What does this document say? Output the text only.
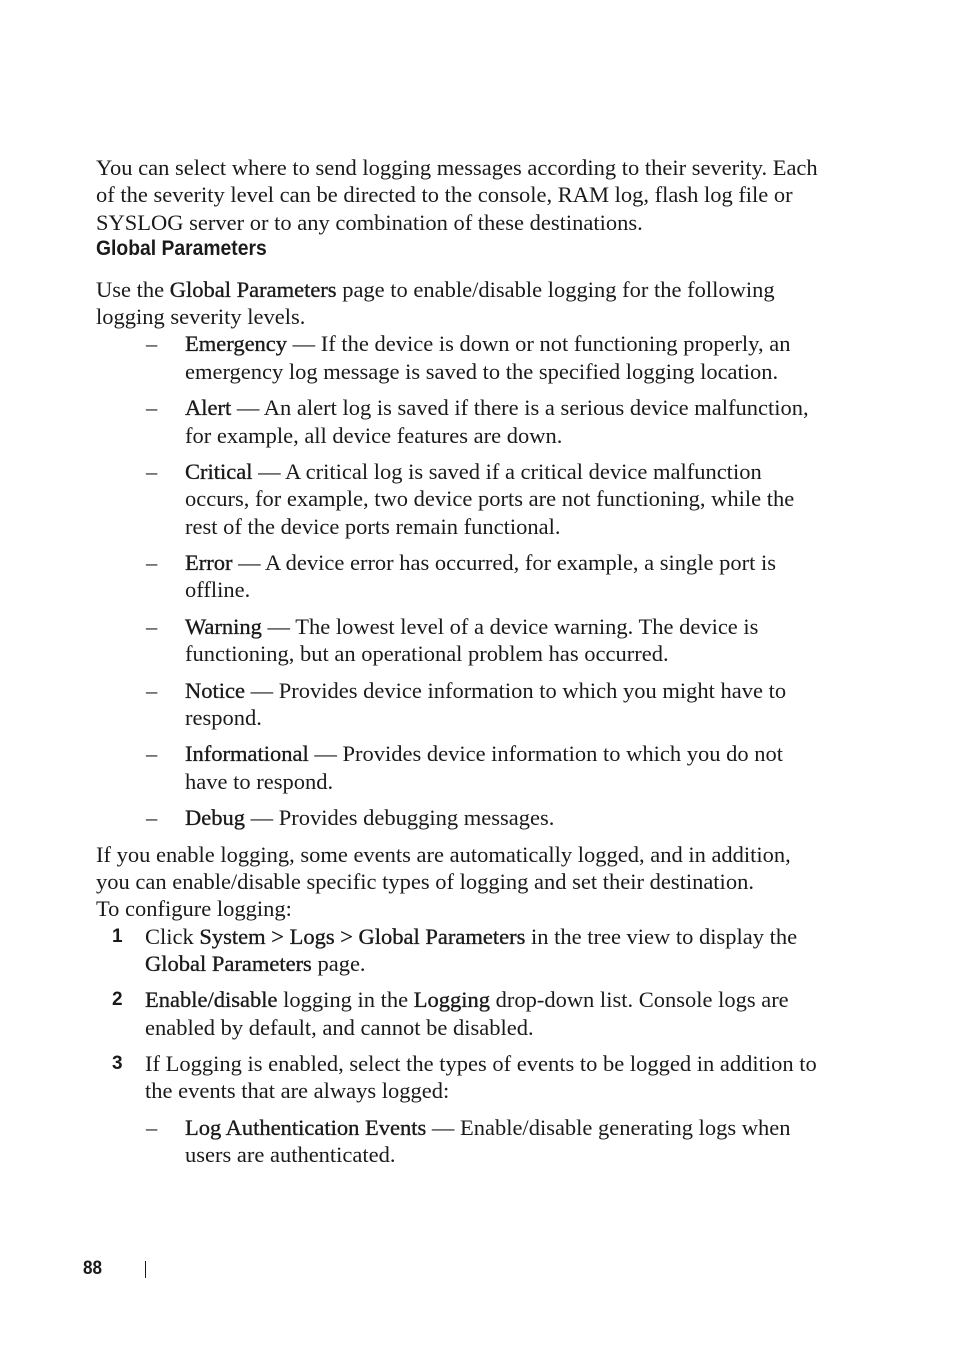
You can select where to send logging messages according to their severity. Each of the severity level can be directed to the console, RAM log, flash log file or SYSLOG server or to any combination of these destinations.

Global Parameters

Use the Global Parameters page to enable/disable logging for the following logging severity levels.

– Emergency — If the device is down or not functioning properly, an emergency log message is saved to the specified logging location.
– Alert — An alert log is saved if there is a serious device malfunction, for example, all device features are down.
– Critical — A critical log is saved if a critical device malfunction occurs, for example, two device ports are not functioning, while the rest of the device ports remain functional.
– Error — A device error has occurred, for example, a single port is offline.
– Warning — The lowest level of a device warning. The device is functioning, but an operational problem has occurred.
– Notice — Provides device information to which you might have to respond.
– Informational — Provides device information to which you do not have to respond.
– Debug — Provides debugging messages.

If you enable logging, some events are automatically logged, and in addition, you can enable/disable specific types of logging and set their destination.

To configure logging:

1 Click System > Logs > Global Parameters in the tree view to display the Global Parameters page.
2 Enable/disable logging in the Logging drop-down list. Console logs are enabled by default, and cannot be disabled.
3 If Logging is enabled, select the types of events to be logged in addition to the events that are always logged:
– Log Authentication Events — Enable/disable generating logs when users are authenticated.
88
